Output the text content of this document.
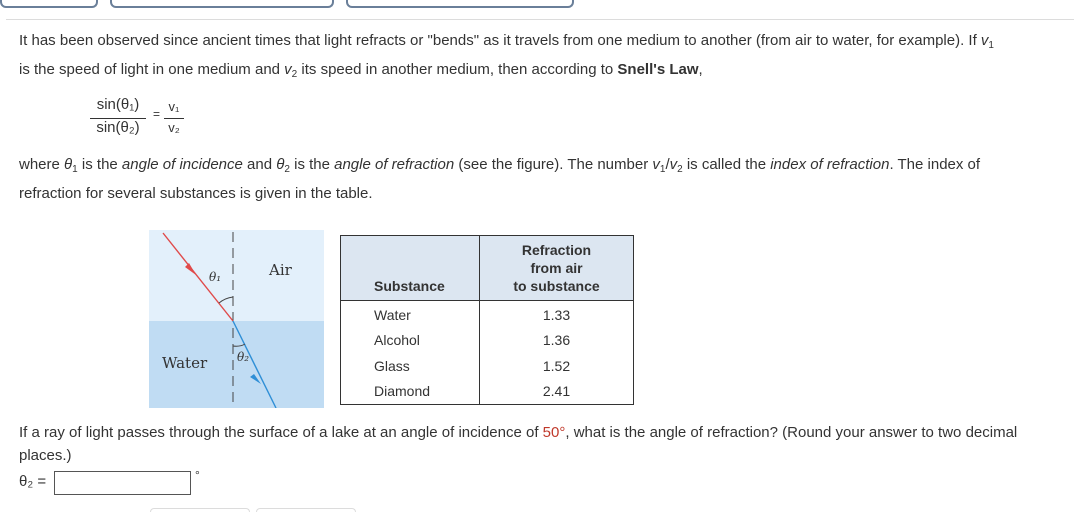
It has been observed since ancient times that light refracts or "bends" as it travels from one medium to another (from air to water, for example). If $v_1$
is the speed of light in one medium and $v_2$ its speed in another medium, then according to Snell's Law,
sin(θ₁)
sin(θ₂)
= v₁
v₂
where $\theta_1$ is the angle of incidence and $\theta_2$ is the angle of refraction (see the figure). The number $v_1/v_2$ is called the index of refraction. The index of
refraction for several substances is given in the table.
Air
Water
θ₁
θ₂
Substance	Refraction
from air
to substance
Water	1.33
Alcohol	1.36
Glass	1.52
Diamond	2.41
If a ray of light passes through the surface of a lake at an angle of incidence of 50°, what is the angle of refraction? (Round your answer to two decimal places.)
θ₂ =	°
